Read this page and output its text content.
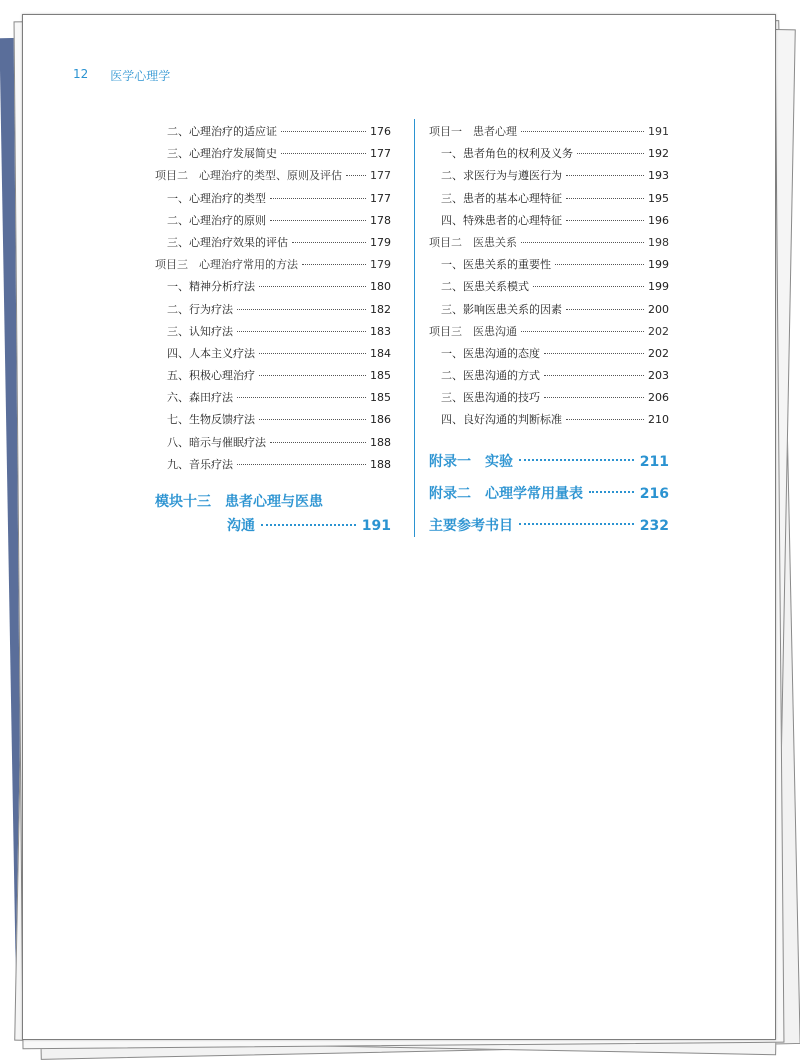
12 医学心理学
二、心理治疗的适应证	176
三、心理治疗发展简史	177
项目二　心理治疗的类型、原则及评估	177
一、心理治疗的类型	177
二、心理治疗的原则	178
三、心理治疗效果的评估	179
项目三　心理治疗常用的方法	179
一、精神分析疗法	180
二、行为疗法	182
三、认知疗法	183
四、人本主义疗法	184
五、积极心理治疗	185
六、森田疗法	185
七、生物反馈疗法	186
八、暗示与催眠疗法	188
九、音乐疗法	188
模块十三　患者心理与医患
沟通	191
项目一　患者心理	191
一、患者角色的权利及义务	192
二、求医行为与遵医行为	193
三、患者的基本心理特征	195
四、特殊患者的心理特征	196
项目二　医患关系	198
一、医患关系的重要性	199
二、医患关系模式	199
三、影响医患关系的因素	200
项目三　医患沟通	202
一、医患沟通的态度	202
二、医患沟通的方式	203
三、医患沟通的技巧	206
四、良好沟通的判断标准	210
附录一　实验	211
附录二　心理学常用量表	216
主要参考书目	232
